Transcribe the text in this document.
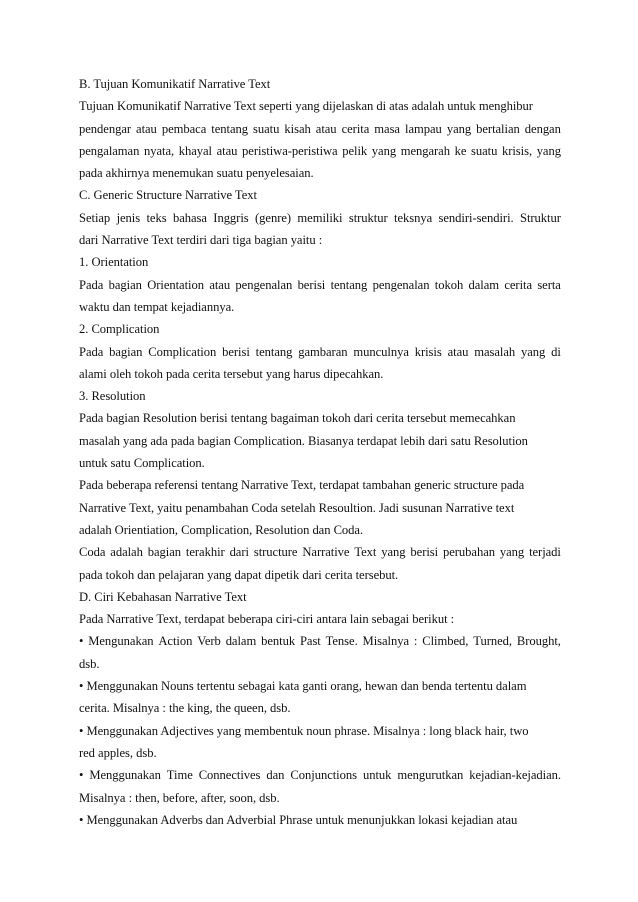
B. Tujuan Komunikatif Narrative Text

Tujuan Komunikatif Narrative Text seperti yang dijelaskan di atas adalah untuk menghibur

pendengar atau pembaca tentang suatu kisah atau cerita masa lampau yang bertalian dengan

pengalaman nyata, khayal atau peristiwa-peristiwa pelik yang mengarah ke suatu krisis, yang

pada akhirnya menemukan suatu penyelesaian.

C. Generic Structure Narrative Text

Setiap jenis teks bahasa Inggris (genre) memiliki struktur teksnya sendiri-sendiri. Struktur

dari Narrative Text terdiri dari tiga bagian yaitu :

1. Orientation

Pada bagian Orientation atau pengenalan berisi tentang pengenalan tokoh dalam cerita serta

waktu dan tempat kejadiannya.

2. Complication

Pada bagian Complication berisi tentang gambaran munculnya krisis atau masalah yang di

alami oleh tokoh pada cerita tersebut yang harus dipecahkan.

3. Resolution

Pada bagian Resolution berisi tentang bagaiman tokoh dari cerita tersebut memecahkan

masalah yang ada pada bagian Complication. Biasanya terdapat lebih dari satu Resolution

untuk satu Complication.

Pada beberapa referensi tentang Narrative Text, terdapat tambahan generic structure pada

Narrative Text, yaitu penambahan Coda setelah Resoultion. Jadi susunan Narrative text

adalah Orientiation, Complication, Resolution dan Coda.

Coda adalah bagian terakhir dari structure Narrative Text yang berisi perubahan yang terjadi

pada tokoh dan pelajaran yang dapat dipetik dari cerita tersebut.

D. Ciri Kebahasan Narrative Text

Pada Narrative Text, terdapat beberapa ciri-ciri antara lain sebagai berikut :

• Mengunakan Action Verb dalam bentuk Past Tense. Misalnya : Climbed, Turned, Brought,

dsb.

• Menggunakan Nouns tertentu sebagai kata ganti orang, hewan dan benda tertentu dalam

cerita. Misalnya : the king, the queen, dsb.

• Menggunakan Adjectives yang membentuk noun phrase. Misalnya : long black hair, two

red apples, dsb.

• Menggunakan Time Connectives dan Conjunctions untuk mengurutkan kejadian-kejadian.

Misalnya : then, before, after, soon, dsb.

• Menggunakan Adverbs dan Adverbial Phrase untuk menunjukkan lokasi kejadian atau
